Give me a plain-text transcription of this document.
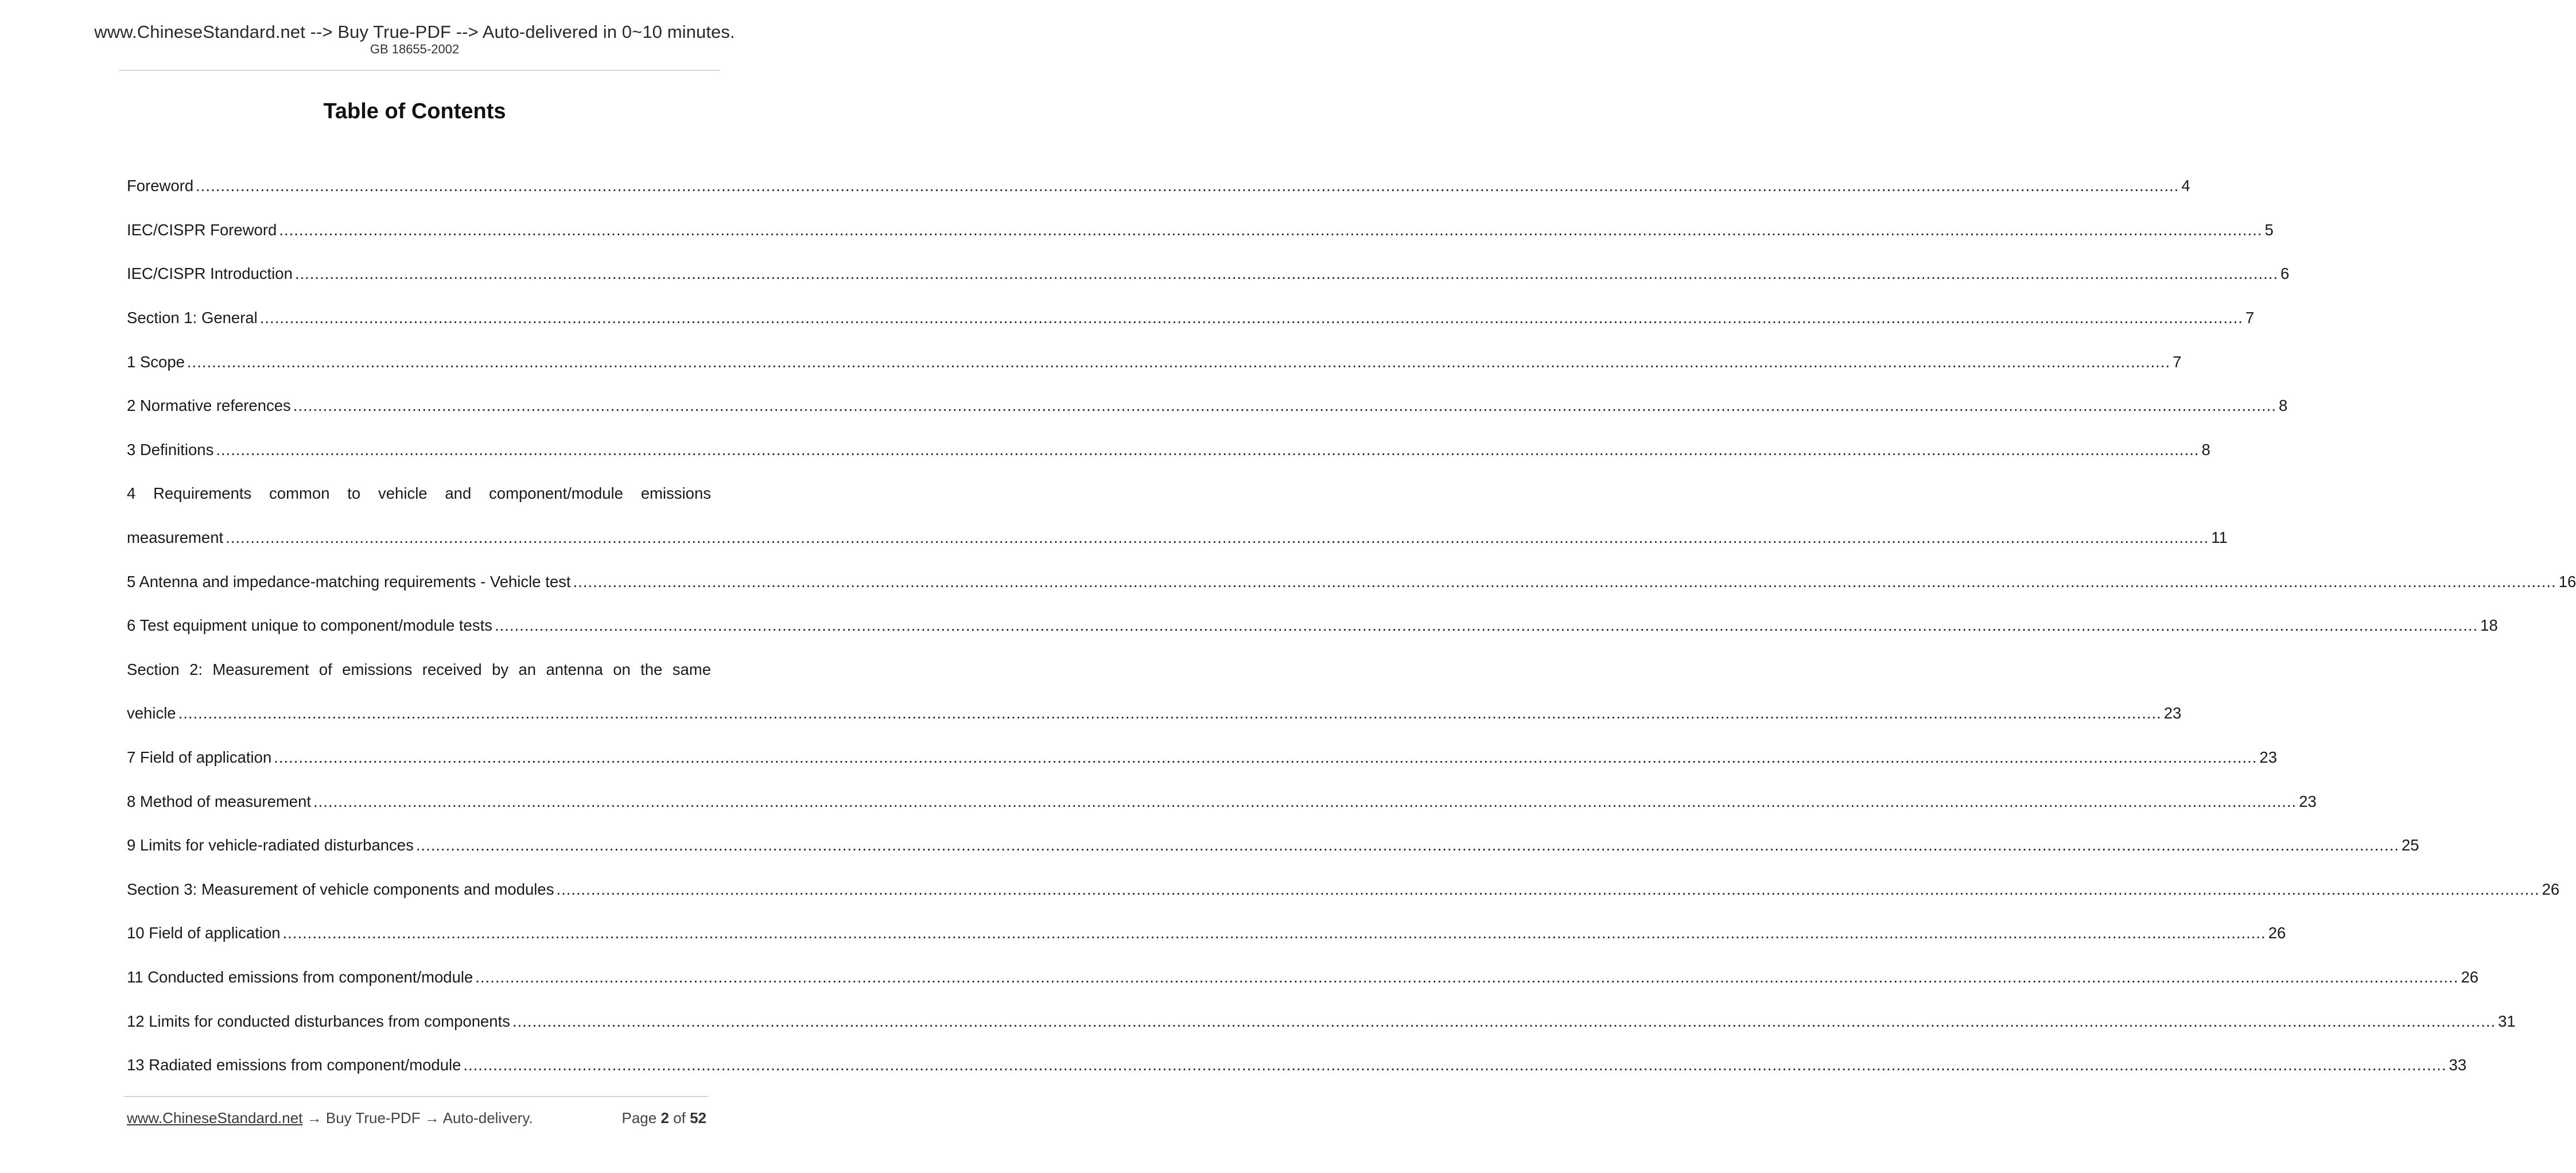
www.ChineseStandard.net --> Buy True-PDF --> Auto-delivered in 0~10 minutes.
GB 18655-2002
Table of Contents
Foreword ................................................................................................................................................................................................................................................................................................................................................................................................................ 4
IEC/CISPR Foreword ................................................................................................................................................................................................................................................................................................................................................................................................................ 5
IEC/CISPR Introduction ................................................................................................................................................................................................................................................................................................................................................................................................................ 6
Section 1: General ................................................................................................................................................................................................................................................................................................................................................................................................................ 7
1 Scope ................................................................................................................................................................................................................................................................................................................................................................................................................ 7
2 Normative references ................................................................................................................................................................................................................................................................................................................................................................................................................ 8
3 Definitions ................................................................................................................................................................................................................................................................................................................................................................................................................ 8
4 Requirements common to vehicle and component/module emissions
measurement ................................................................................................................................................................................................................................................................................................................................................................................................................ 11
5 Antenna and impedance-matching requirements - Vehicle test ................................................................................................................................................................................................................................................................................................................................................................................................................ 16
6 Test equipment unique to component/module tests ................................................................................................................................................................................................................................................................................................................................................................................................................ 18
Section 2: Measurement of emissions received by an antenna on the same
vehicle ................................................................................................................................................................................................................................................................................................................................................................................................................ 23
7 Field of application ................................................................................................................................................................................................................................................................................................................................................................................................................ 23
8 Method of measurement ................................................................................................................................................................................................................................................................................................................................................................................................................ 23
9 Limits for vehicle-radiated disturbances ................................................................................................................................................................................................................................................................................................................................................................................................................ 25
Section 3: Measurement of vehicle components and modules ................................................................................................................................................................................................................................................................................................................................................................................................................ 26
10 Field of application ................................................................................................................................................................................................................................................................................................................................................................................................................ 26
11 Conducted emissions from component/module ................................................................................................................................................................................................................................................................................................................................................................................................................ 26
12 Limits for conducted disturbances from components ................................................................................................................................................................................................................................................................................................................................................................................................................ 31
13 Radiated emissions from component/module ................................................................................................................................................................................................................................................................................................................................................................................................................ 33
www.ChineseStandard.net → Buy True-PDF → Auto-delivery.	Page 2 of 52
